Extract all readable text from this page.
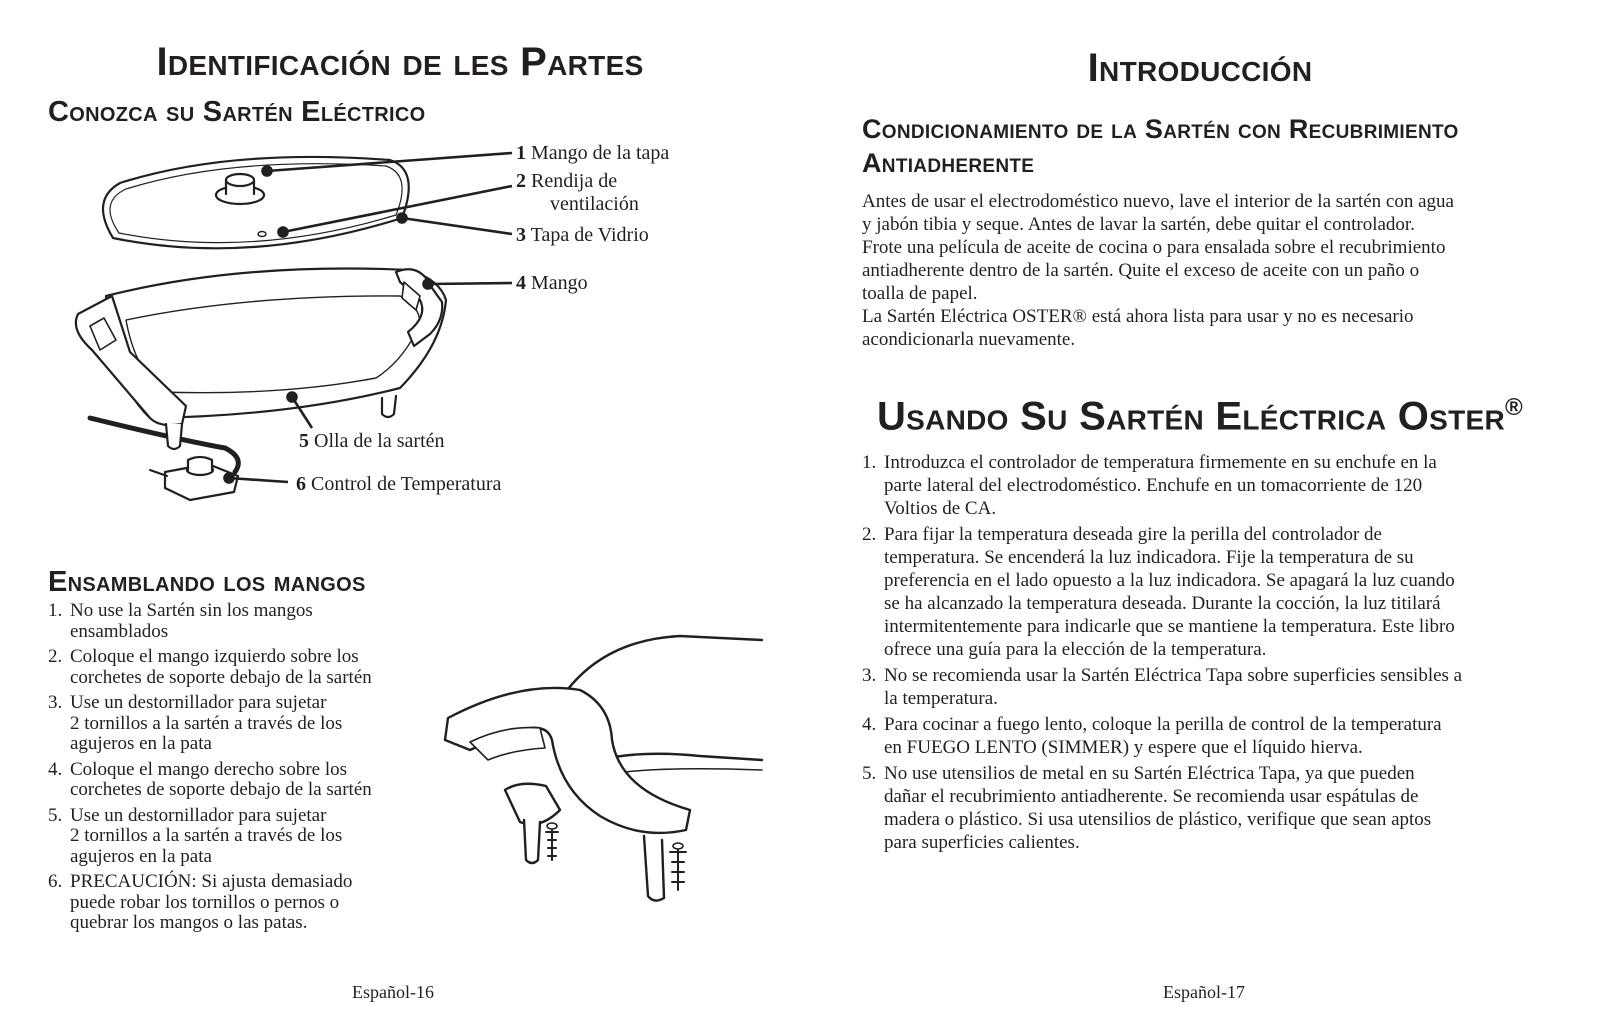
Identificación de les Partes
Conozca su Sartén Eléctrico
1 Mango de la tapa
2 Rendija de
ventilación
3 Tapa de Vidrio
4 Mango
5 Olla de la sartén
6 Control de Temperatura
Ensamblando los mangos
1. No use la Sartén sin los mangos
ensamblados
2. Coloque el mango izquierdo sobre los
corchetes de soporte debajo de la sartén
3. Use un destornillador para sujetar
2 tornillos a la sartén a través de los
agujeros en la pata
4. Coloque el mango derecho sobre los
corchetes de soporte debajo de la sartén
5. Use un destornillador para sujetar
2 tornillos a la sartén a través de los
agujeros en la pata
6. PRECAUCIÓN: Si ajusta demasiado
puede robar los tornillos o pernos o
quebrar los mangos o las patas.
Español-16
Introducción
Condicionamiento de la Sartén con Recubrimiento
Antiadherente
Antes de usar el electrodoméstico nuevo, lave el interior de la sartén con agua
y jabón tibia y seque. Antes de lavar la sartén, debe quitar el controlador.
Frote una película de aceite de cocina o para ensalada sobre el recubrimiento
antiadherente dentro de la sartén. Quite el exceso de aceite con un paño o
toalla de papel.
La Sartén Eléctrica OSTER® está ahora lista para usar y no es necesario
acondicionarla nuevamente.
Usando Su Sartén Eléctrica Oster®
1. Introduzca el controlador de temperatura firmemente en su enchufe en la
parte lateral del electrodoméstico. Enchufe en un tomacorriente de 120
Voltios de CA.
2. Para fijar la temperatura deseada gire la perilla del controlador de
temperatura. Se encenderá la luz indicadora. Fije la temperatura de su
preferencia en el lado opuesto a la luz indicadora. Se apagará la luz cuando
se ha alcanzado la temperatura deseada. Durante la cocción, la luz titilará
intermitentemente para indicarle que se mantiene la temperatura. Este libro
ofrece una guía para la elección de la temperatura.
3. No se recomienda usar la Sartén Eléctrica Tapa sobre superficies sensibles a
la temperatura.
4. Para cocinar a fuego lento, coloque la perilla de control de la temperatura
en FUEGO LENTO (SIMMER) y espere que el líquido hierva.
5. No use utensilios de metal en su Sartén Eléctrica Tapa, ya que pueden
dañar el recubrimiento antiadherente. Se recomienda usar espátulas de
madera o plástico. Si usa utensilios de plástico, verifique que sean aptos
para superficies calientes.
Español-17
